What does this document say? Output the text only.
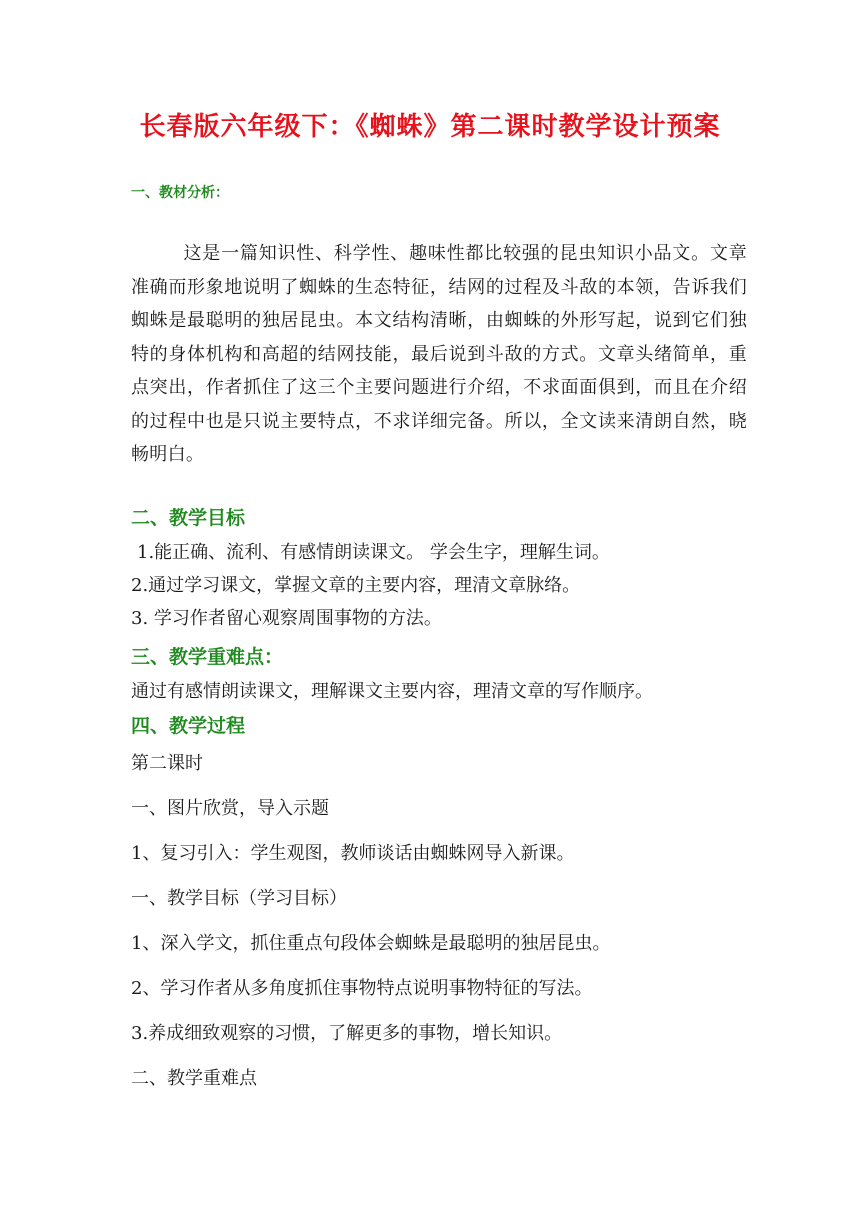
长春版六年级下：《蜘蛛》第二课时教学设计预案

一、教材分析：

这是一篇知识性、科学性、趣味性都比较强的昆虫知识小品文。文章准确而形象地说明了蜘蛛的生态特征，结网的过程及斗敌的本领，告诉我们蜘蛛是最聪明的独居昆虫。本文结构清晰，由蜘蛛的外形写起，说到它们独特的身体机构和高超的结网技能，最后说到斗敌的方式。文章头绪简单，重点突出，作者抓住了这三个主要问题进行介绍，不求面面俱到，而且在介绍的过程中也是只说主要特点，不求详细完备。所以，全文读来清朗自然，晓畅明白。

二、教学目标

1.能正确、流利、有感情朗读课文。 学会生字，理解生词。

2.通过学习课文，掌握文章的主要内容，理清文章脉络。

3. 学习作者留心观察周围事物的方法。

三、教学重难点：

通过有感情朗读课文，理解课文主要内容，理清文章的写作顺序。

四、教学过程

第二课时

一、图片欣赏，导入示题

1、复习引入：学生观图，教师谈话由蜘蛛网导入新课。

一、教学目标（学习目标）

1、深入学文，抓住重点句段体会蜘蛛是最聪明的独居昆虫。

2、学习作者从多角度抓住事物特点说明事物特征的写法。

3.养成细致观察的习惯，了解更多的事物，增长知识。

二、教学重难点
